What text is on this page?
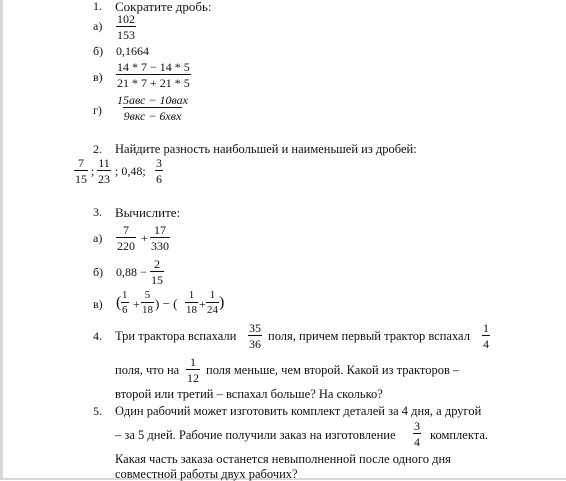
1. Сократите дробь:
$а) \frac{102}{153}$
б) 0,1664
$в) \frac{14 * 7 - 14 * 5}{21 * 7 + 21 * 5}$
г)
15авс − 10вах
9вкс − 6хвх
2. Найдите разность наибольшей и наименьшей из дробей:
$\frac{7}{15}$ ; $\frac{11}{23}$ ; 0,48; $\frac{3}{6}$
3. Вычислите:
$а) \frac{7}{220} + \frac{17}{330}$
б) $0,88 - \frac{2}{15}$
в) ( $\frac{1}{6} + \frac{5}{18}$ ) − ( $\frac{1}{18} + \frac{1}{24}$ )
4. Три трактора вспахали $\frac{35}{36}$ поля, причем первый трактор вспахал $\frac{1}{4}$
поля, что на $\frac{1}{12}$ поля меньше, чем второй. Какой из тракторов –
второй или третий – вспахал больше? На сколько?
5. Один рабочий может изготовить комплект деталей за 4 дня, а другой
– за 5 дней. Рабочие получили заказ на изготовление $\frac{3}{4}$ комплекта.
Какая часть заказа останется невыполненной после одного дня
совместной работы двух рабочих?
